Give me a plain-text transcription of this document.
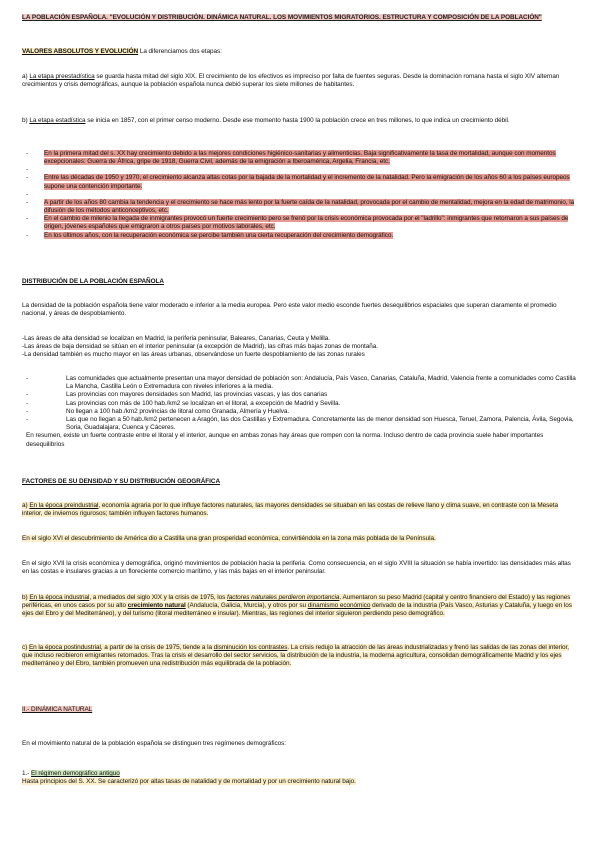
LA POBLACIÓN ESPAÑOLA. "EVOLUCIÓN Y DISTRIBUCIÓN. DINÁMICA NATURAL. LOS MOVIMIENTOS MIGRATORIOS. ESTRUCTURA Y COMPOSICIÓN DE LA POBLACIÓN"
VALORES ABSOLUTOS Y EVOLUCIÓN La diferenciamos dos etapas:
a) La etapa preestadística se guarda hasta mitad del siglo XIX. El crecimiento de los efectivos es impreciso por falta de fuentes seguras. Desde la dominación romana hasta el siglo XIV alternan crecimientos y crisis demográficas, aunque la población española nunca debió superar los siete millones de habitantes.
b) La etapa estadística se inicia en 1857, con el primer censo moderno. Desde ese momento hasta 1900 la población crece en tres millones, lo que indica un crecimiento débil.
- En la primera mitad del s. XX hay crecimiento debido a las mejores condiciones higiénico-sanitarias y alimenticias. Baja significativamente la tasa de mortalidad, aunque con momentos excepcionales: Guerra de África, gripe de 1918, Guerra Civil, además de la emigración a Iberoamérica, Argelia, Francia, etc.
-
- Entre las décadas de 1950 y 1970, el crecimiento alcanza altas cotas por la bajada de la mortalidad y el incremento de la natalidad. Pero la emigración de los años 60 a los países europeos supone una contención importante.
-
- A partir de los años 80 cambia la tendencia y el crecimiento se hace más lento por la fuerte caída de la natalidad, provocada por el cambio de mentalidad, mejora en la edad de matrimonio, la difusión de los métodos anticonceptivos, etc.
- En el cambio de milenio la llegada de inmigrantes provocó un fuerte crecimiento pero se frenó por la crisis económica provocada por el "ladrillo": inmigrantes que retornaron a sus países de origen, jóvenes españoles que emigraron a otros países por motivos laborales, etc.
- En los últimos años, con la recuperación económica se percibe también una cierta recuperación del crecimiento demográfico.
DISTRIBUCIÓN DE LA POBLACIÓN ESPAÑOLA
La densidad de la población española tiene valor moderado e inferior a la media europea. Pero este valor medio esconde fuertes desequilibrios espaciales que superan claramente el promedio nacional, y áreas de despoblamiento.
-Las áreas de alta densidad se localizan en Madrid, la periferia peninsular, Baleares, Canarias, Ceuta y Melilla.
-Las áreas de baja densidad se sitúan en el interior peninsular (a excepción de Madrid), las cifras más bajas zonas de montaña.
-La densidad también es mucho mayor en las áreas urbanas, observándose un fuerte despoblamiento de las zonas rurales
- Las comunidades que actualmente presentan una mayor densidad de población son: Andalucía, País Vasco, Canarias, Cataluña, Madrid, Valencia frente a comunidades como Castilla La Mancha, Castilla León o Extremadura con niveles inferiores a la media.
- Las provincias con mayores densidades son Madrid, las provincias vascas, y las dos canarias
- Las provincias con más de 100 hab./km2 se localizan en el litoral, a excepción de Madrid y Sevilla.
- No llegan a 100 hab./km2 provincias de litoral como Granada, Almería y Huelva.
- Las que no llegan a 50 hab./km2 pertenecen a Aragón, las dos Castillas y Extremadura. Concretamente las de menor densidad son Huesca, Teruel, Zamora, Palencia, Ávila, Segovia, Soria, Guadalajara, Cuenca y Cáceres.
En resumen, existe un fuerte contraste entre el litoral y el interior, aunque en ambas zonas hay áreas que rompen con la norma. Incluso dentro de cada provincia suele haber importantes desequilibrios
FACTORES DE SU DENSIDAD Y SU DISTRIBUCIÓN GEOGRÁFICA
a) En la época preindustrial, economía agraria por lo que influye factores naturales, las mayores densidades se situaban en las costas de relieve llano y clima suave, en contraste con la Meseta interior, de inviernos rigurosos; también influyen factores humanos.
En el siglo XVI el descubrimiento de América dio a Castilla una gran prosperidad económica, convirtiéndola en la zona más poblada de la Península.
En el siglo XVII la crisis económica y demográfica, originó movimientos de población hacia la periferia. Como consecuencia, en el siglo XVIII la situación se había invertido: las densidades más altas en las costas e insulares gracias a un floreciente comercio marítimo, y las más bajas en el interior peninsular.
b) En la época industrial, a mediados del siglo XIX y la crisis de 1975, los factores naturales perdieron importancia. Aumentaron su peso Madrid (capital y centro financiero del Estado) y las regiones periféricas, en unos casos por su alto crecimiento natural (Andalucía, Galicia, Murcia), y otros por su dinamismo económico derivado de la industria (País Vasco, Asturias y Cataluña, y luego en los ejes del Ebro y del Mediterráneo), y del turismo (litoral mediterráneo e insular). Mientras, las regiones del interior siguieron perdiendo peso demográfico.
c) En la época postindustrial, a partir de la crisis de 1975, tiende a la disminución los contrastes. La crisis redujo la atracción de las áreas industrializadas y frenó las salidas de las zonas del interior, que incluso recibieron emigrantes retornados. Tras la crisis el desarrollo del sector servicios, la distribución de la industria, la moderna agricultura, consolidan demográficamente Madrid y los ejes mediterráneo y del Ebro, también promueven una redistribución más equilibrada de la población.
II.- DINÁMICA NATURAL
En el movimiento natural de la población española se distinguen tres regímenes demográficos:
1.- El régimen demográfico antiguo
Hasta principios del S. XX. Se caracterizó por altas tasas de natalidad y de mortalidad y por un crecimiento natural bajo.
